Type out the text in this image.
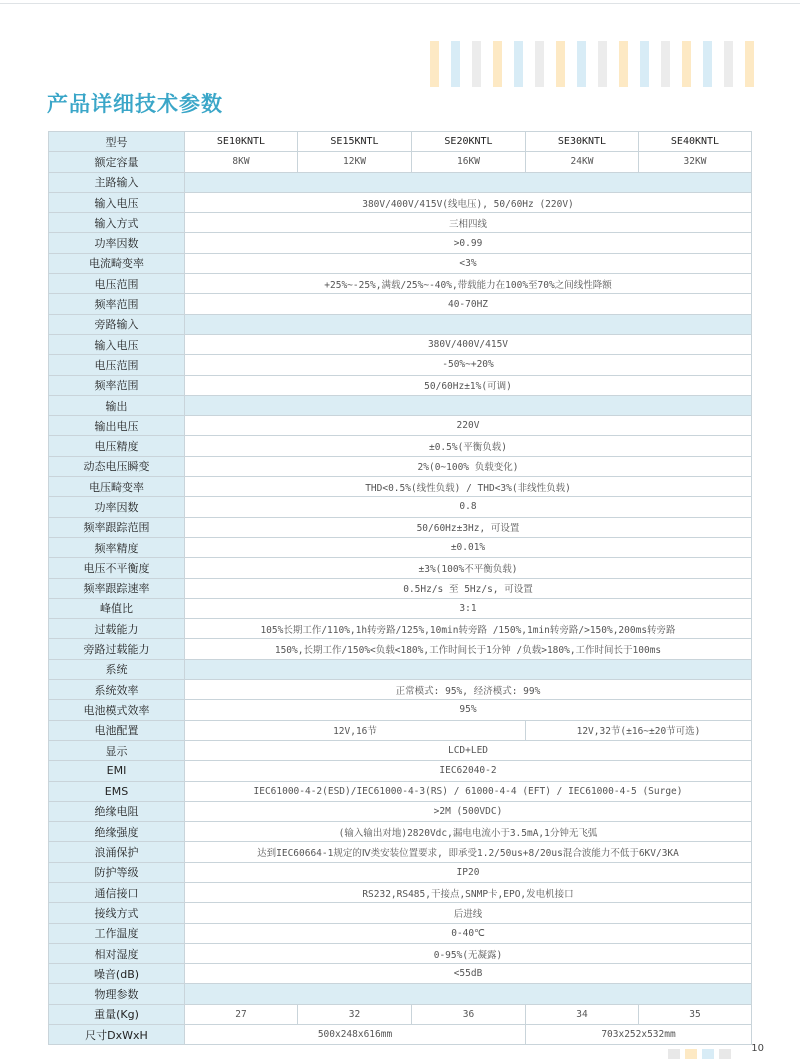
产品详细技术参数
型号	SE10KNTL	SE15KNTL	SE20KNTL	SE30KNTL	SE40KNTL
额定容量	8KW	12KW	16KW	24KW	32KW
主路输入					
输入电压	380V/400V/415V(线电压), 50/60Hz (220V)				
输入方式	三相四线				
功率因数	>0.99				
电流畸变率	<3%				
电压范围	+25%~-25%,满载/25%~-40%,带载能力在100%至70%之间线性降额				
频率范围	40-70HZ				
旁路输入					
输入电压	380V/400V/415V				
电压范围	-50%~+20%				
频率范围	50/60Hz±1%(可调)				
输出					
输出电压	220V				
电压精度	±0.5%(平衡负载)				
动态电压瞬变	2%(0~100% 负载变化)				
电压畸变率	THD<0.5%(线性负载) / THD<3%(非线性负载)				
功率因数	0.8				
频率跟踪范围	50/60Hz±3Hz, 可设置				
频率精度	±0.01%				
电压不平衡度	±3%(100%不平衡负载)				
频率跟踪速率	0.5Hz/s 至 5Hz/s, 可设置				
峰值比	3:1				
过载能力	105%长期工作/110%,1h转旁路/125%,10min转旁路 /150%,1min转旁路/>150%,200ms转旁路				
旁路过载能力	150%,长期工作/150%<负载<180%,工作时间长于1分钟 /负载>180%,工作时间长于100ms				
系统					
系统效率	正常模式: 95%, 经济模式: 99%				
电池模式效率	95%				
电池配置	12V,16节			12V,32节(±16~±20节可选)	
显示	LCD+LED				
EMI	IEC62040-2				
EMS	IEC61000-4-2(ESD)/IEC61000-4-3(RS) / 61000-4-4 (EFT) / IEC61000-4-5 (Surge)				
绝缘电阻	>2M (500VDC)				
绝缘强度	(输入输出对地)2820Vdc,漏电电流小于3.5mA,1分钟无飞弧				
浪涌保护	达到IEC60664-1规定的Ⅳ类安装位置要求, 即承受1.2/50us+8/20us混合波能力不低于6KV/3KA				
防护等级	IP20				
通信接口	RS232,RS485,干接点,SNMP卡,EPO,发电机接口				
接线方式	后进线				
工作温度	0-40℃				
相对湿度	0-95%(无凝露)				
噪音(dB)	<55dB				
物理参数					
重量(Kg)	27	32	36	34	35
尺寸DxWxH	500x248x616mm			703x252x532mm	
10
